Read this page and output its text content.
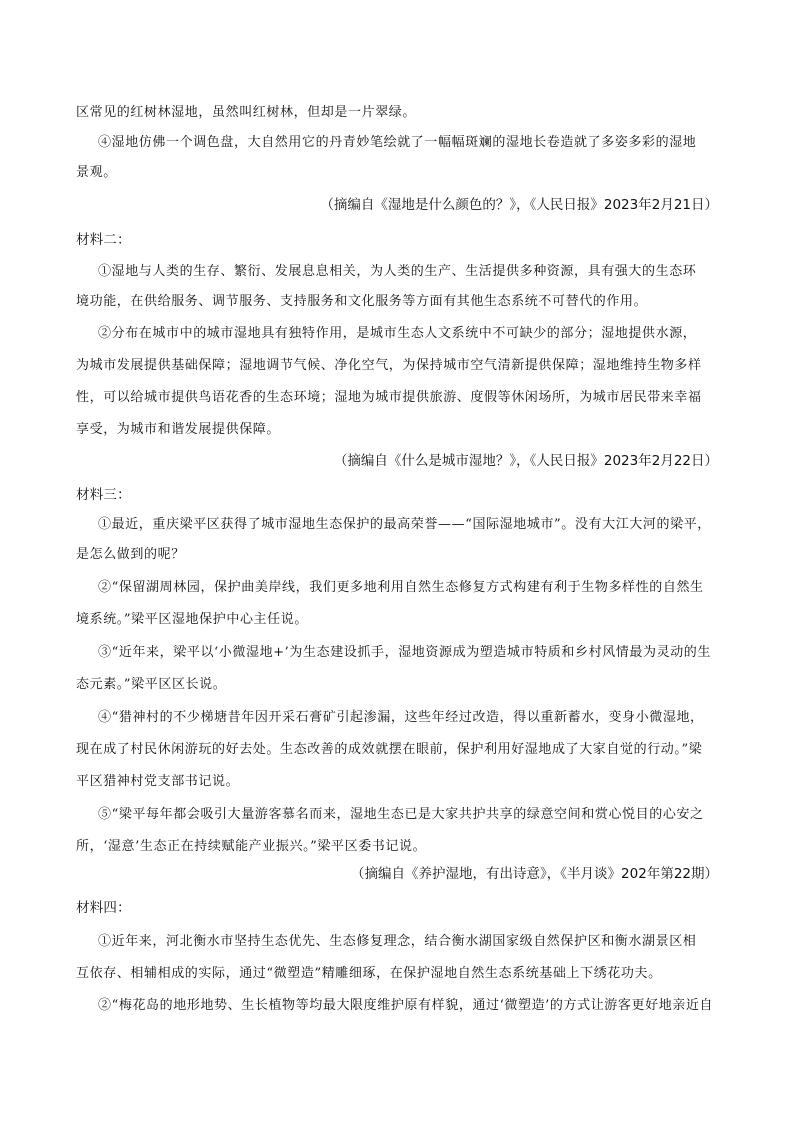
区常见的红树林湿地，虽然叫红树林，但却是一片翠绿。
④湿地仿佛一个调色盘，大自然用它的丹青妙笔绘就了一幅幅斑斓的湿地长卷造就了多姿多彩的湿地
景观。
（摘编自《湿地是什么颜色的？》，《人民日报》2023年2月21日）
材料二：
①湿地与人类的生存、繁衍、发展息息相关，为人类的生产、生活提供多种资源，具有强大的生态环
境功能，在供给服务、调节服务、支持服务和文化服务等方面有其他生态系统不可替代的作用。
②分布在城市中的城市湿地具有独特作用，是城市生态人文系统中不可缺少的部分；湿地提供水源，
为城市发展提供基础保障；湿地调节气候、净化空气，为保持城市空气清新提供保障；湿地维持生物多样
性，可以给城市提供鸟语花香的生态环境；湿地为城市提供旅游、度假等休闲场所，为城市居民带来幸福
享受，为城市和谐发展提供保障。
（摘编自《什么是城市湿地？》，《人民日报》2023年2月22日）
材料三：
①最近，重庆梁平区获得了城市湿地生态保护的最高荣誉——“国际湿地城市”。没有大江大河的梁平，
是怎么做到的呢？
②“保留湖周林园，保护曲美岸线，我们更多地利用自然生态修复方式构建有利于生物多样性的自然生
境系统。”梁平区湿地保护中心主任说。
③“近年来，梁平以‘小微湿地+’为生态建设抓手，湿地资源成为塑造城市特质和乡村风情最为灵动的生
态元素。”梁平区区长说。
④“猎神村的不少梯塘昔年因开采石膏矿引起渗漏，这些年经过改造，得以重新蓄水，变身小微湿地，
现在成了村民休闲游玩的好去处。生态改善的成效就摆在眼前，保护利用好湿地成了大家自觉的行动。”梁
平区猎神村党支部书记说。
⑤“梁平每年都会吸引大量游客慕名而来，湿地生态已是大家共护共享的绿意空间和赏心悦目的心安之
所，‘湿意’生态正在持续赋能产业振兴。”梁平区委书记说。
（摘编自《养护湿地，有出诗意》，《半月谈》202年第22期）
材料四：
①近年来，河北衡水市坚持生态优先、生态修复理念，结合衡水湖国家级自然保护区和衡水湖景区相
互依存、相辅相成的实际，通过“微塑造”精雕细琢，在保护湿地自然生态系统基础上下绣花功夫。
②“梅花岛的地形地势、生长植物等均最大限度维护原有样貌，通过‘微塑造’的方式让游客更好地亲近自
